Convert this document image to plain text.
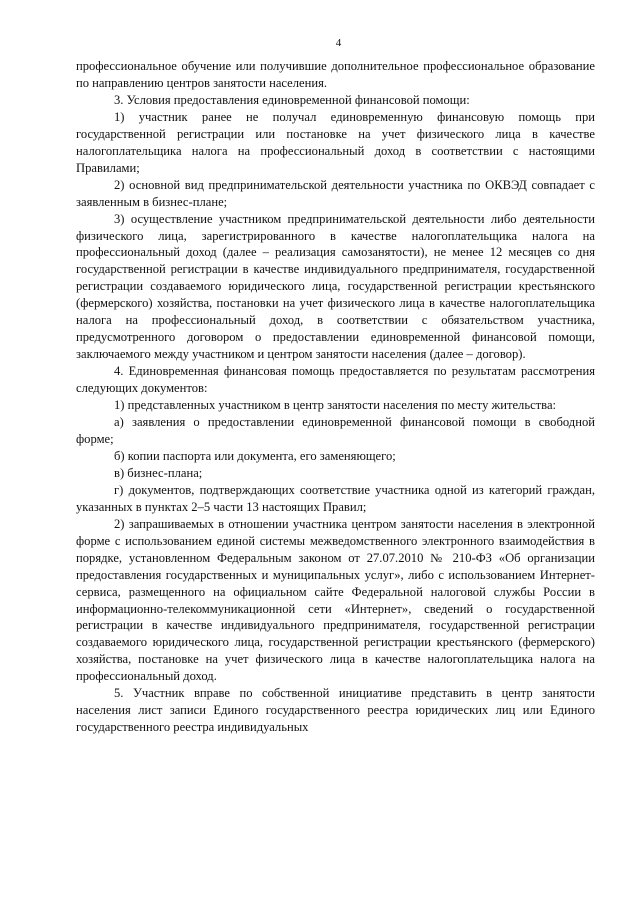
4

профессиональное обучение или получившие дополнительное профессиональное образование по направлению центров занятости населения.

3. Условия предоставления единовременной финансовой помощи:

1) участник ранее не получал единовременную финансовую помощь при государственной регистрации или постановке на учет физического лица в качестве налогоплательщика налога на профессиональный доход в соответствии с настоящими Правилами;

2) основной вид предпринимательской деятельности участника по ОКВЭД совпадает с заявленным в бизнес-плане;

3) осуществление участником предпринимательской деятельности либо деятельности физического лица, зарегистрированного в качестве налогоплательщика налога на профессиональный доход (далее – реализация самозанятости), не менее 12 месяцев со дня государственной регистрации в качестве индивидуального предпринимателя, государственной регистрации создаваемого юридического лица, государственной регистрации крестьянского (фермерского) хозяйства, постановки на учет физического лица в качестве налогоплательщика налога на профессиональный доход, в соответствии с обязательством участника, предусмотренного договором о предоставлении единовременной финансовой помощи, заключаемого между участником и центром занятости населения (далее – договор).

4. Единовременная финансовая помощь предоставляется по результатам рассмотрения следующих документов:

1) представленных участником в центр занятости населения по месту жительства:

а) заявления о предоставлении единовременной финансовой помощи в свободной форме;

б) копии паспорта или документа, его заменяющего;

в) бизнес-плана;

г) документов, подтверждающих соответствие участника одной из категорий граждан, указанных в пунктах 2–5 части 13 настоящих Правил;

2) запрашиваемых в отношении участника центром занятости населения в электронной форме с использованием единой системы межведомственного электронного взаимодействия в порядке, установленном Федеральным законом от 27.07.2010 № 210-ФЗ «Об организации предоставления государственных и муниципальных услуг», либо с использованием Интернет-сервиса, размещенного на официальном сайте Федеральной налоговой службы России в информационно-телекоммуникационной сети «Интернет», сведений о государственной регистрации в качестве индивидуального предпринимателя, государственной регистрации создаваемого юридического лица, государственной регистрации крестьянского (фермерского) хозяйства, постановке на учет физического лица в качестве налогоплательщика налога на профессиональный доход.

5. Участник вправе по собственной инициативе представить в центр занятости населения лист записи Единого государственного реестра юридических лиц или Единого государственного реестра индивидуальных
